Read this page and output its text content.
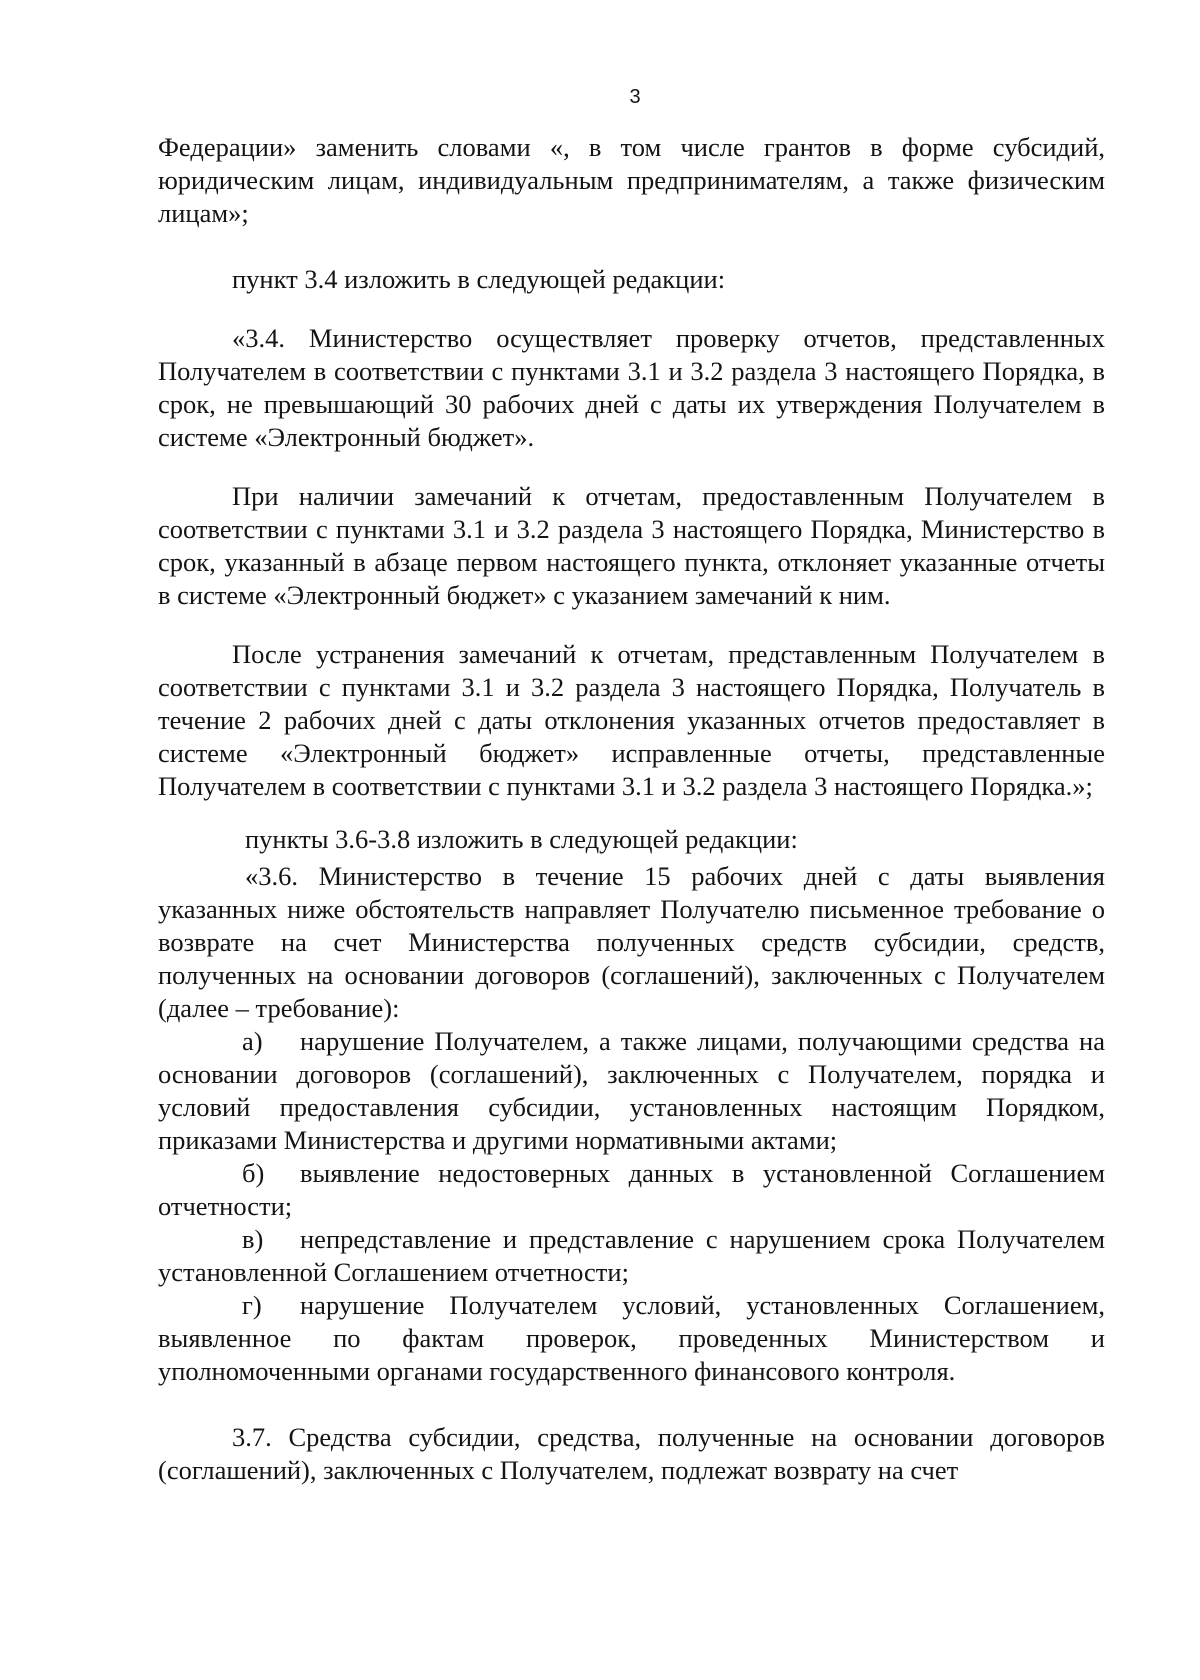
3

Федерации» заменить словами «, в том числе грантов в форме субсидий, юридическим лицам, индивидуальным предпринимателям, а также физическим лицам»;

пункт 3.4 изложить в следующей редакции:

«3.4. Министерство осуществляет проверку отчетов, представленных Получателем в соответствии с пунктами 3.1 и 3.2 раздела 3 настоящего Порядка, в срок, не превышающий 30 рабочих дней с даты их утверждения Получателем в системе «Электронный бюджет».

При наличии замечаний к отчетам, предоставленным Получателем в соответствии с пунктами 3.1 и 3.2 раздела 3 настоящего Порядка, Министерство в срок, указанный в абзаце первом настоящего пункта, отклоняет указанные отчеты в системе «Электронный бюджет» с указанием замечаний к ним.

После устранения замечаний к отчетам, представленным Получателем в соответствии с пунктами 3.1 и 3.2 раздела 3 настоящего Порядка, Получатель в течение 2 рабочих дней с даты отклонения указанных отчетов предоставляет в системе «Электронный бюджет» исправленные отчеты, представленные Получателем в соответствии с пунктами 3.1 и 3.2 раздела 3 настоящего Порядка.»;

пункты 3.6-3.8 изложить в следующей редакции:

«3.6. Министерство в течение 15 рабочих дней с даты выявления указанных ниже обстоятельств направляет Получателю письменное требование о возврате на счет Министерства полученных средств субсидии, средств, полученных на основании договоров (соглашений), заключенных с Получателем (далее – требование):

а) нарушение Получателем, а также лицами, получающими средства на основании договоров (соглашений), заключенных с Получателем, порядка и условий предоставления субсидии, установленных настоящим Порядком, приказами Министерства и другими нормативными актами;

б) выявление недостоверных данных в установленной Соглашением отчетности;

в) непредставление и представление с нарушением срока Получателем установленной Соглашением отчетности;

г) нарушение Получателем условий, установленных Соглашением, выявленное по фактам проверок, проведенных Министерством и уполномоченными органами государственного финансового контроля.

3.7. Средства субсидии, средства, полученные на основании договоров (соглашений), заключенных с Получателем, подлежат возврату на счет
